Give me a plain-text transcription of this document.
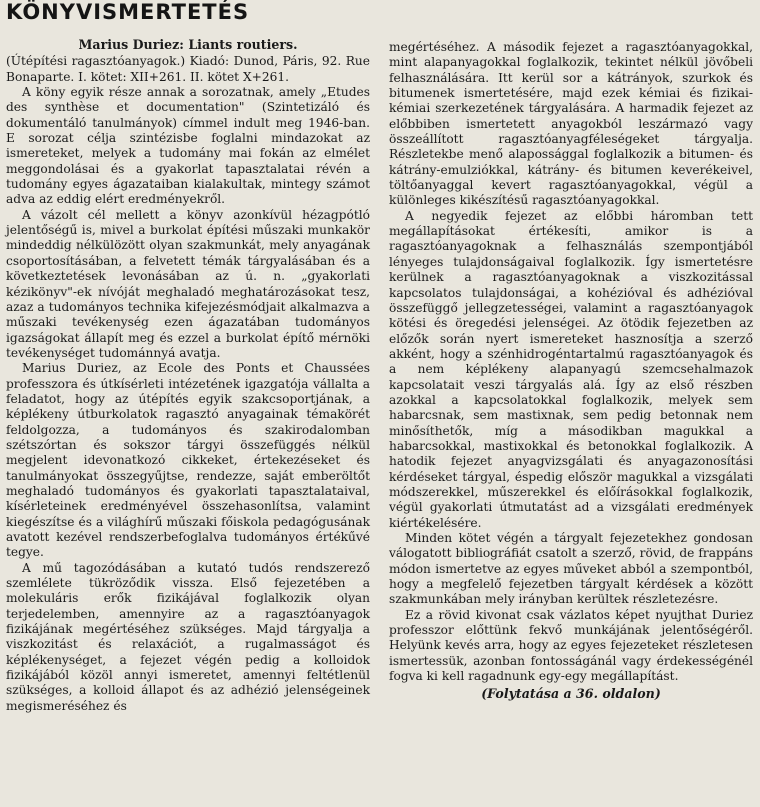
KÖNYVISMERTETÉS
Marius Duriez: Liants routiers.

(Útépítési ragasztóanyagok.) Kiadó: Dunod, Páris, 92. Rue Bonaparte. I. kötet: XII+261. II. kötet X+261.

A köny egyik része annak a sorozatnak, amely „Etudes des synthèse et documentation" (Szintetizáló és dokumentáló tanulmányok) címmel indult meg 1946-ban. E sorozat célja szintézisbe foglalni mindazokat az ismereteket, melyek a tudomány mai fokán az elmélet meggondolásai és a gyakorlat tapasztalatai révén a tudomány egyes ágazataiban kialakultak, mintegy számot adva az eddig elért eredményekről.

A vázolt cél mellett a könyv azonkívül hézagpótló jelentőségű is, mivel a burkolat építési műszaki munkakör mindeddig nélkülözött olyan szakmunkát, mely anyagának csoportosításában, a felvetett témák tárgyalásában és a következtetések levonásában az ú. n. „gyakorlati kézikönyv"-ek nívóját meghaladó meghatározásokat tesz, azaz a tudományos technika kifejezésmódjait alkalmazva a műszaki tevékenység ezen ágazatában tudományos igazságokat állapít meg és ezzel a burkolat építő mérnöki tevékenységet tudománnyá avatja.

Marius Duriez, az Ecole des Ponts et Chaussées professzora és útkísérleti intézetének igazgatója vállalta a feladatot, hogy az útépítés egyik szakcsoportjának, a képlékeny útburkolatok ragasztó anyagainak témakörét feldolgozza, a tudományos és szakirodalomban szétszórtan és sokszor tárgyi összefüggés nélkül megjelent idevonatkozó cikkeket, értekezéseket és tanulmányokat összegyűjtse, rendezze, saját emberöltőt meghaladó tudományos és gyakorlati tapasztalataival, kísérleteinek eredményével összehasonlítsa, valamint kiegészítse és a világhírű műszaki főiskola pedagógusának avatott kezével rendszerbefoglalva tudományos értékűvé tegye.

A mű tagozódásában a kutató tudós rendszerező szemlélete tükröződik vissza. Első fejezetében a molekuláris erők fizikájával foglalkozik olyan terjedelemben, amennyire az a ragasztóanyagok fizikájának megértéséhez szükséges. Majd tárgyalja a viszkozitást és relaxációt, a rugalmasságot és képlékenységet, a fejezet végén pedig a kolloidok fizikájából közöl annyi ismeretet, amennyi feltétlenül szükséges, a kolloid állapot és az adhézió jelenségeinek megismeréséhez és

megértéséhez. A második fejezet a ragasztóanyagokkal, mint alapanyagokkal foglalkozik, tekintet nélkül jövőbeli felhasználására. Itt kerül sor a kátrányok, szurkok és bitumenek ismertetésére, majd ezek kémiai és fizikai-kémiai szerkezetének tárgyalására. A harmadik fejezet az előbbiben ismertetett anyagokból leszármazó vagy összeállított ragasztóanyagféleségeket tárgyalja. Részletekbe menő alapossággal foglalkozik a bitumen- és kátrány-emulziókkal, kátrány- és bitumen keverékeivel, töltőanyaggal kevert ragasztóanyagokkal, végül a különleges kikészítésű ragasztóanyagokkal.

A negyedik fejezet az előbbi háromban tett megállapításokat értékesíti, amikor is a ragasztóanyagoknak a felhasználás szempontjából lényeges tulajdonságaival foglalkozik. Így ismertetésre kerülnek a ragasztóanyagoknak a viszkozitással kapcsolatos tulajdonságai, a kohézióval és adhézióval összefüggő jellegzetességei, valamint a ragasztóanyagok kötési és öregedési jelenségei. Az ötödik fejezetben az előzők során nyert ismereteket hasznosítja a szerző akként, hogy a szénhidrogéntartalmú ragasztóanyagok és a nem képlékeny alapanyagú szemcsehalmazok kapcsolatait veszi tárgyalás alá. Így az első részben azokkal a kapcsolatokkal foglalkozik, melyek sem habarcsnak, sem mastixnak, sem pedig betonnak nem minősíthetők, míg a másodikban magukkal a habarcsokkal, mastixokkal és betonokkal foglalkozik. A hatodik fejezet anyagvizsgálati és anyagazonosítási kérdéseket tárgyal, éspedig először magukkal a vizsgálati módszerekkel, műszerekkel és előírásokkal foglalkozik, végül gyakorlati útmutatást ad a vizsgálati eredmények kiértékelésére.

Minden kötet végén a tárgyalt fejezetekhez gondosan válogatott bibliográfiát csatolt a szerző, rövid, de frappáns módon ismertetve az egyes műveket abból a szempontból, hogy a megfelelő fejezetben tárgyalt kérdések a között szakmunkában mely irányban kerültek részletezésre.

Ez a rövid kivonat csak vázlatos képet nyujthat Duriez professzor előttünk fekvő munkájának jelentőségéről. Helyünk kevés arra, hogy az egyes fejezeteket részletesen ismertessük, azonban fontosságánál vagy érdekességénél fogva ki kell ragadnunk egy-egy megállapítást.

(Folytatása a 36. oldalon)
